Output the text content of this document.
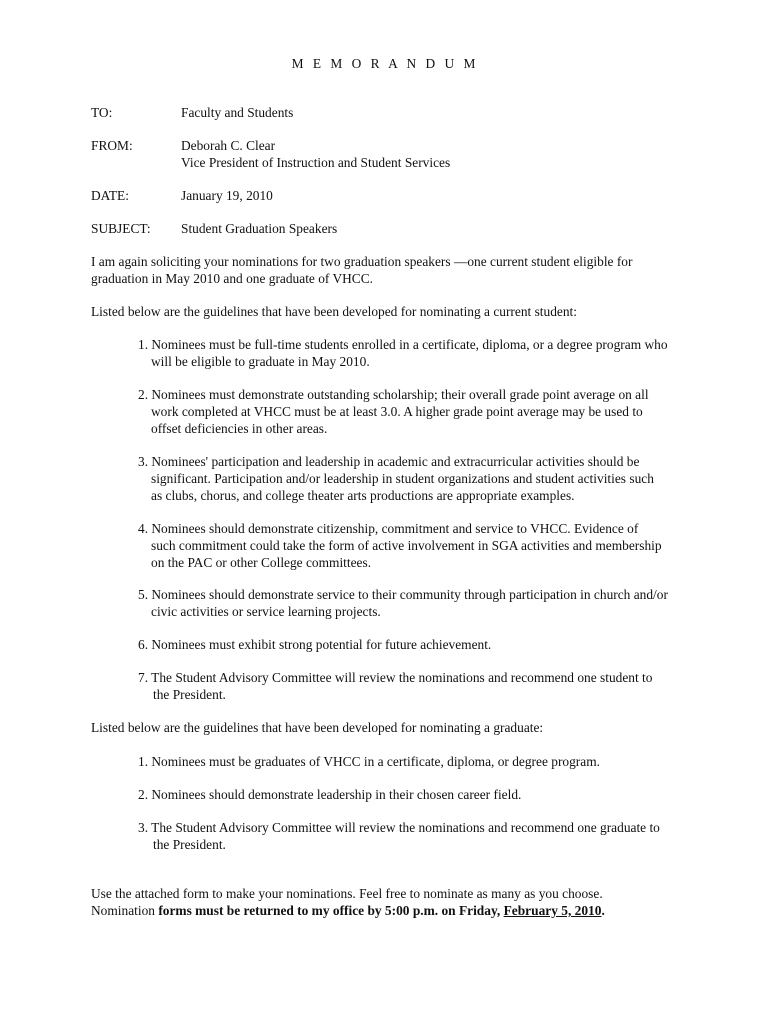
M E M O R A N D U M
TO:	Faculty and Students
FROM:	Deborah C. Clear
Vice President of Instruction and Student Services
DATE:	January 19, 2010
SUBJECT: Student Graduation Speakers
I am again soliciting your nominations for two graduation speakers —one current student eligible for
graduation in May 2010 and one graduate of VHCC.
Listed below are the guidelines that have been developed for nominating a current student:
1. Nominees must be full-time students enrolled in a certificate, diploma, or a degree program who
will be eligible to graduate in May 2010.
2. Nominees must demonstrate outstanding scholarship; their overall grade point average on all
work completed at VHCC must be at least 3.0. A higher grade point average may be used to
offset deficiencies in other areas.
3. Nominees' participation and leadership in academic and extracurricular activities should be
significant. Participation and/or leadership in student organizations and student activities such
as clubs, chorus, and college theater arts productions are appropriate examples.
4. Nominees should demonstrate citizenship, commitment and service to VHCC. Evidence of
such commitment could take the form of active involvement in SGA activities and membership
on the PAC or other College committees.
5. Nominees should demonstrate service to their community through participation in church and/or
civic activities or service learning projects.
6. Nominees must exhibit strong potential for future achievement.
7. The Student Advisory Committee will review the nominations and recommend one student to
the President.
Listed below are the guidelines that have been developed for nominating a graduate:
1. Nominees must be graduates of VHCC in a certificate, diploma, or degree program.
2. Nominees should demonstrate leadership in their chosen career field.
3. The Student Advisory Committee will review the nominations and recommend one graduate to
the President.
Use the attached form to make your nominations. Feel free to nominate as many as you choose.
Nomination forms must be returned to my office by 5:00 p.m. on Friday, February 5, 2010.
